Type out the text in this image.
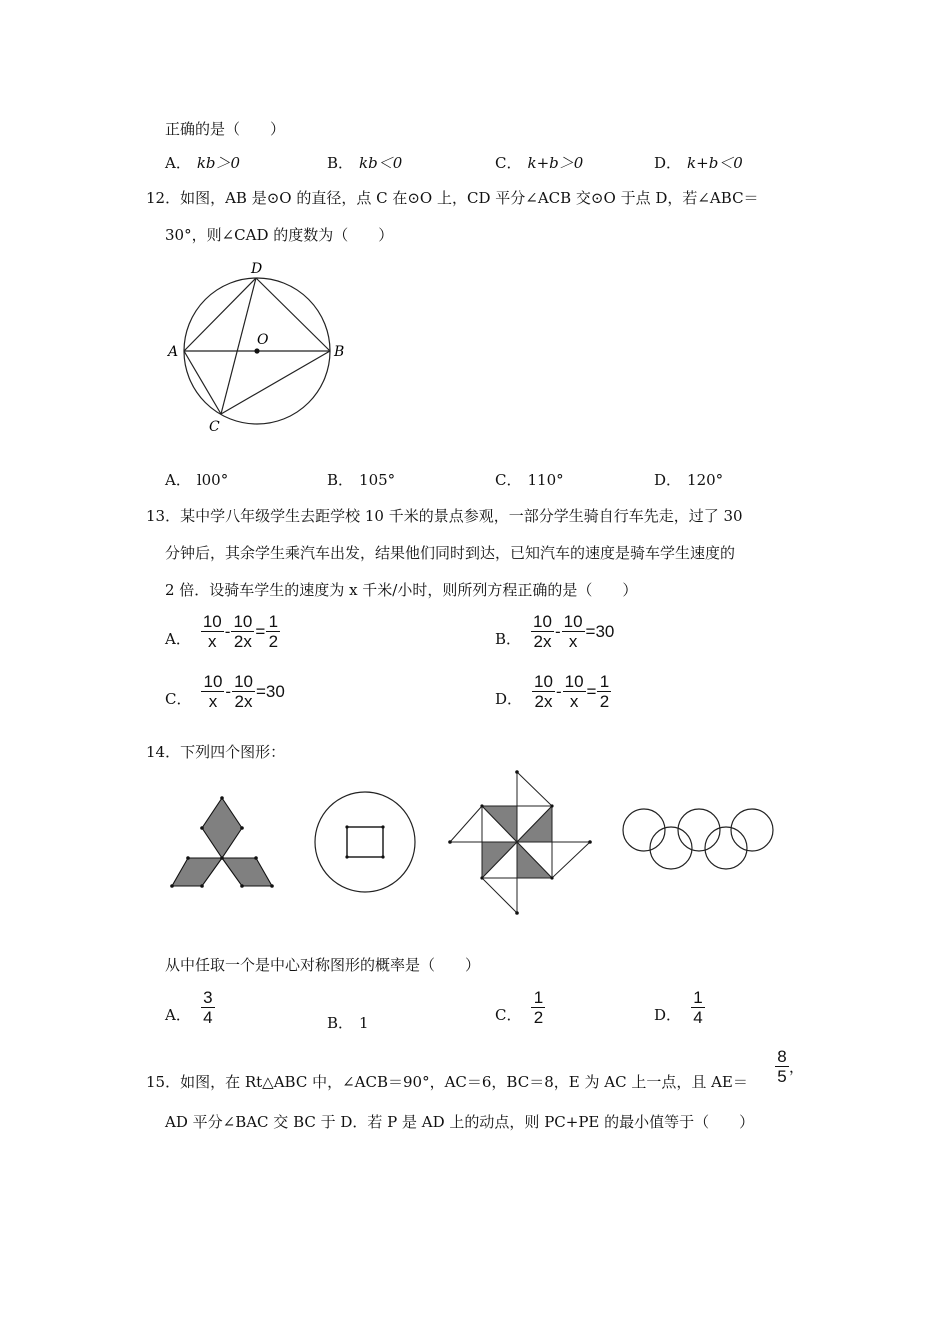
正确的是（　　）
A． kb＞0	B． kb＜0	C． k+b＞0	D． k+b＜0
12．如图，AB 是⊙O 的直径，点 C 在⊙O 上，CD 平分∠ACB 交⊙O 于点 D，若∠ABC＝
30°，则∠CAD 的度数为（　　）
D
O
A	B
C
A． l00°	B． 105°	C． 110°	D． 120°
13．某中学八年级学生去距学校 10 千米的景点参观，一部分学生骑自行车先走，过了 30
分钟后，其余学生乘汽车出发，结果他们同时到达，已知汽车的速度是骑车学生速度的
2 倍．设骑车学生的速度为 x 千米/小时，则所列方程正确的是（　　）
A． $\frac{10}{x} - \frac{10}{2x} = \frac{1}{2}$	B． $\frac{10}{2x} - \frac{10}{x} =30$
C． $\frac{10}{x} - \frac{10}{2x} =30$	D． $\frac{10}{2x} - \frac{10}{x} = \frac{1}{2}$
14．下列四个图形：
从中任取一个是中心对称图形的概率是（　　）
A． $\frac{3}{4}$	B． 1	C． $\frac{1}{2}$	D． $\frac{1}{4}$
15．如图，在 Rt△ABC 中，∠ACB＝90°，AC＝6，BC＝8，E 为 AC 上一点，且 $AE= \frac{8}{5}$ ，
AD 平分∠BAC 交 BC 于 D．若 P 是 AD 上的动点，则 PC+PE 的最小值等于（　　）
